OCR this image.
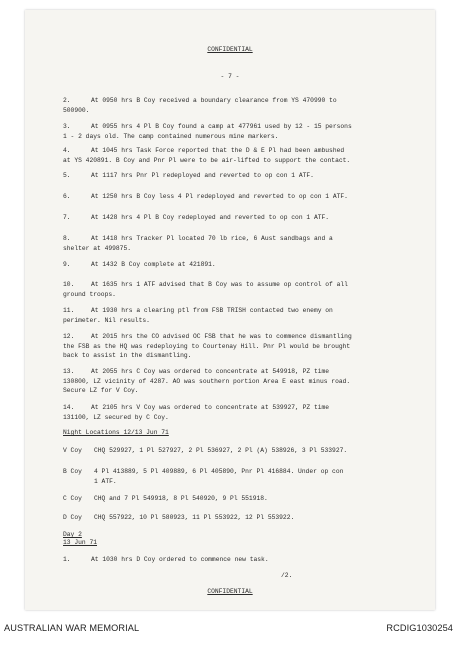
CONFIDENTIAL
- 7 -
2.	At 0950 hrs B Coy received a boundary clearance from YS 470990 to
500900.
3.	At 0955 hrs 4 Pl B Coy found a camp at 477961 used by 12 - 15 persons
1 - 2 days old. The camp contained numerous mine markers.
4.	At 1045 hrs Task Force reported that the D & E Pl had been ambushed
at YS 420891. B Coy and Pnr Pl were to be air-lifted to support the contact.
5.	At 1117 hrs Pnr Pl redeployed and reverted to op con 1 ATF.
6.	At 1250 hrs B Coy less 4 Pl redeployed and reverted to op con 1 ATF.
7.	At 1428 hrs 4 Pl B Coy redeployed and reverted to op con 1 ATF.
8.	At 1418 hrs Tracker Pl located 70 lb rice, 6 Aust sandbags and a
shelter at 499875.
9.	At 1432 B Coy complete at 421891.
10.	At 1635 hrs 1 ATF advised that B Coy was to assume op control of all
ground troops.
11.	At 1930 hrs a clearing ptl from FSB TRISH contacted two enemy on
perimeter. Nil results.
12.	At 2015 hrs the CO advised OC FSB that he was to commence dismantling
the FSB as the HQ was redeploying to Courtenay Hill. Pnr Pl would be brought
back to assist in the dismantling.
13.	At 2055 hrs C Coy was ordered to concentrate at 549918, PZ time
130800, LZ vicinity of 4287. AO was southern portion Area E east minus road.
Secure LZ for V Coy.
14.	At 2105 hrs V Coy was ordered to concentrate at 539927, PZ time
131100, LZ secured by C Coy.
Night Locations 12/13 Jun 71
V Coy CHQ 529927, 1 Pl 527927, 2 Pl 536927, 2 Pl (A) 538926, 3 Pl 533927.
B Coy 4 Pl 413889, 5 Pl 409889, 6 Pl 405890, Pnr Pl 416884. Under op con
1 ATF.
C Coy CHQ and 7 Pl 549918, 8 Pl 540920, 9 Pl 551918.
D Coy CHQ 557922, 10 Pl 580923, 11 Pl 553922, 12 Pl 553922.
Day 2
13 Jun 71
1.	At 1030 hrs D Coy ordered to commence new task.
/2.
CONFIDENTIAL
AUSTRALIAN WAR MEMORIAL	RCDIG1030254
